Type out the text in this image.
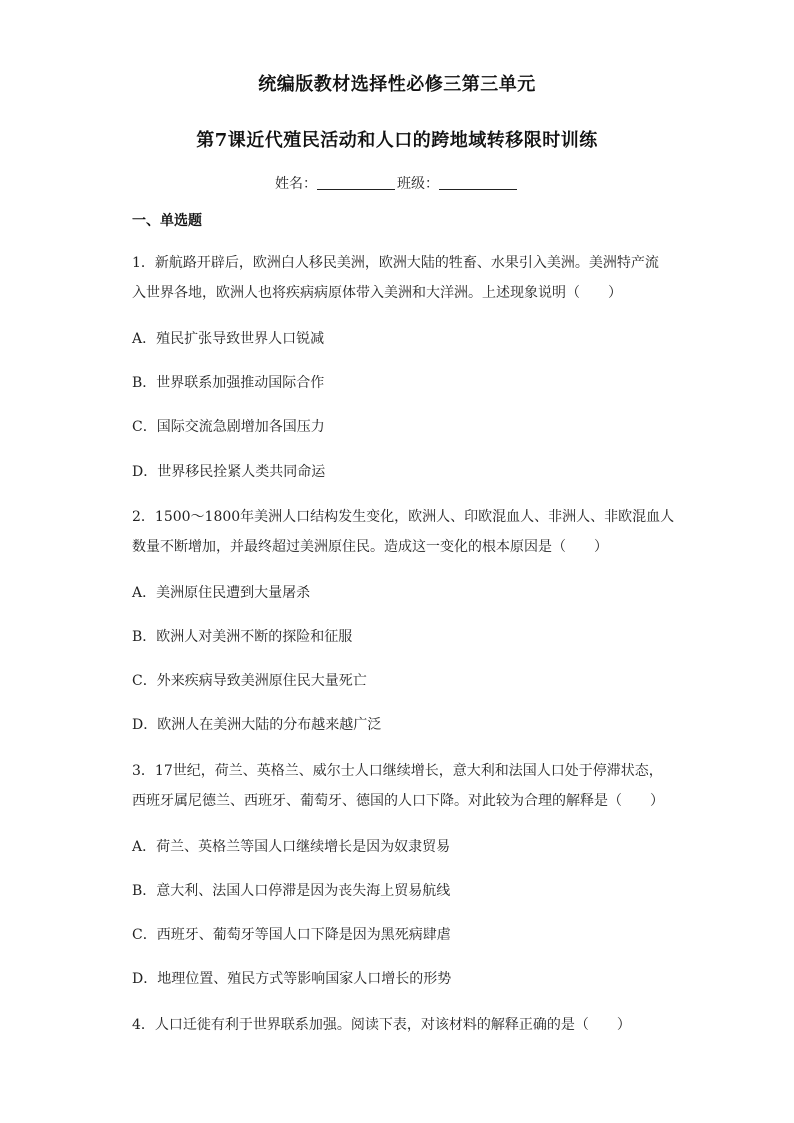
统编版教材选择性必修三第三单元
第7课近代殖民活动和人口的跨地域转移限时训练
姓名：	班级：
一、单选题
1．新航路开辟后，欧洲白人移民美洲，欧洲大陆的牲畜、水果引入美洲。美洲特产流
入世界各地，欧洲人也将疾病病原体带入美洲和大洋洲。上述现象说明（　　）
A．殖民扩张导致世界人口锐减
B．世界联系加强推动国际合作
C．国际交流急剧增加各国压力
D．世界移民拴紧人类共同命运
2．1500～1800年美洲人口结构发生变化，欧洲人、印欧混血人、非洲人、非欧混血人
数量不断增加，并最终超过美洲原住民。造成这一变化的根本原因是（　　）
A．美洲原住民遭到大量屠杀
B．欧洲人对美洲不断的探险和征服
C．外来疾病导致美洲原住民大量死亡
D．欧洲人在美洲大陆的分布越来越广泛
3．17世纪，荷兰、英格兰、威尔士人口继续增长，意大利和法国人口处于停滞状态，
西班牙属尼德兰、西班牙、葡萄牙、德国的人口下降。对此较为合理的解释是（　　）
A．荷兰、英格兰等国人口继续增长是因为奴隶贸易
B．意大利、法国人口停滞是因为丧失海上贸易航线
C．西班牙、葡萄牙等国人口下降是因为黑死病肆虐
D．地理位置、殖民方式等影响国家人口增长的形势
4．人口迁徙有利于世界联系加强。阅读下表，对该材料的解释正确的是（　　）
